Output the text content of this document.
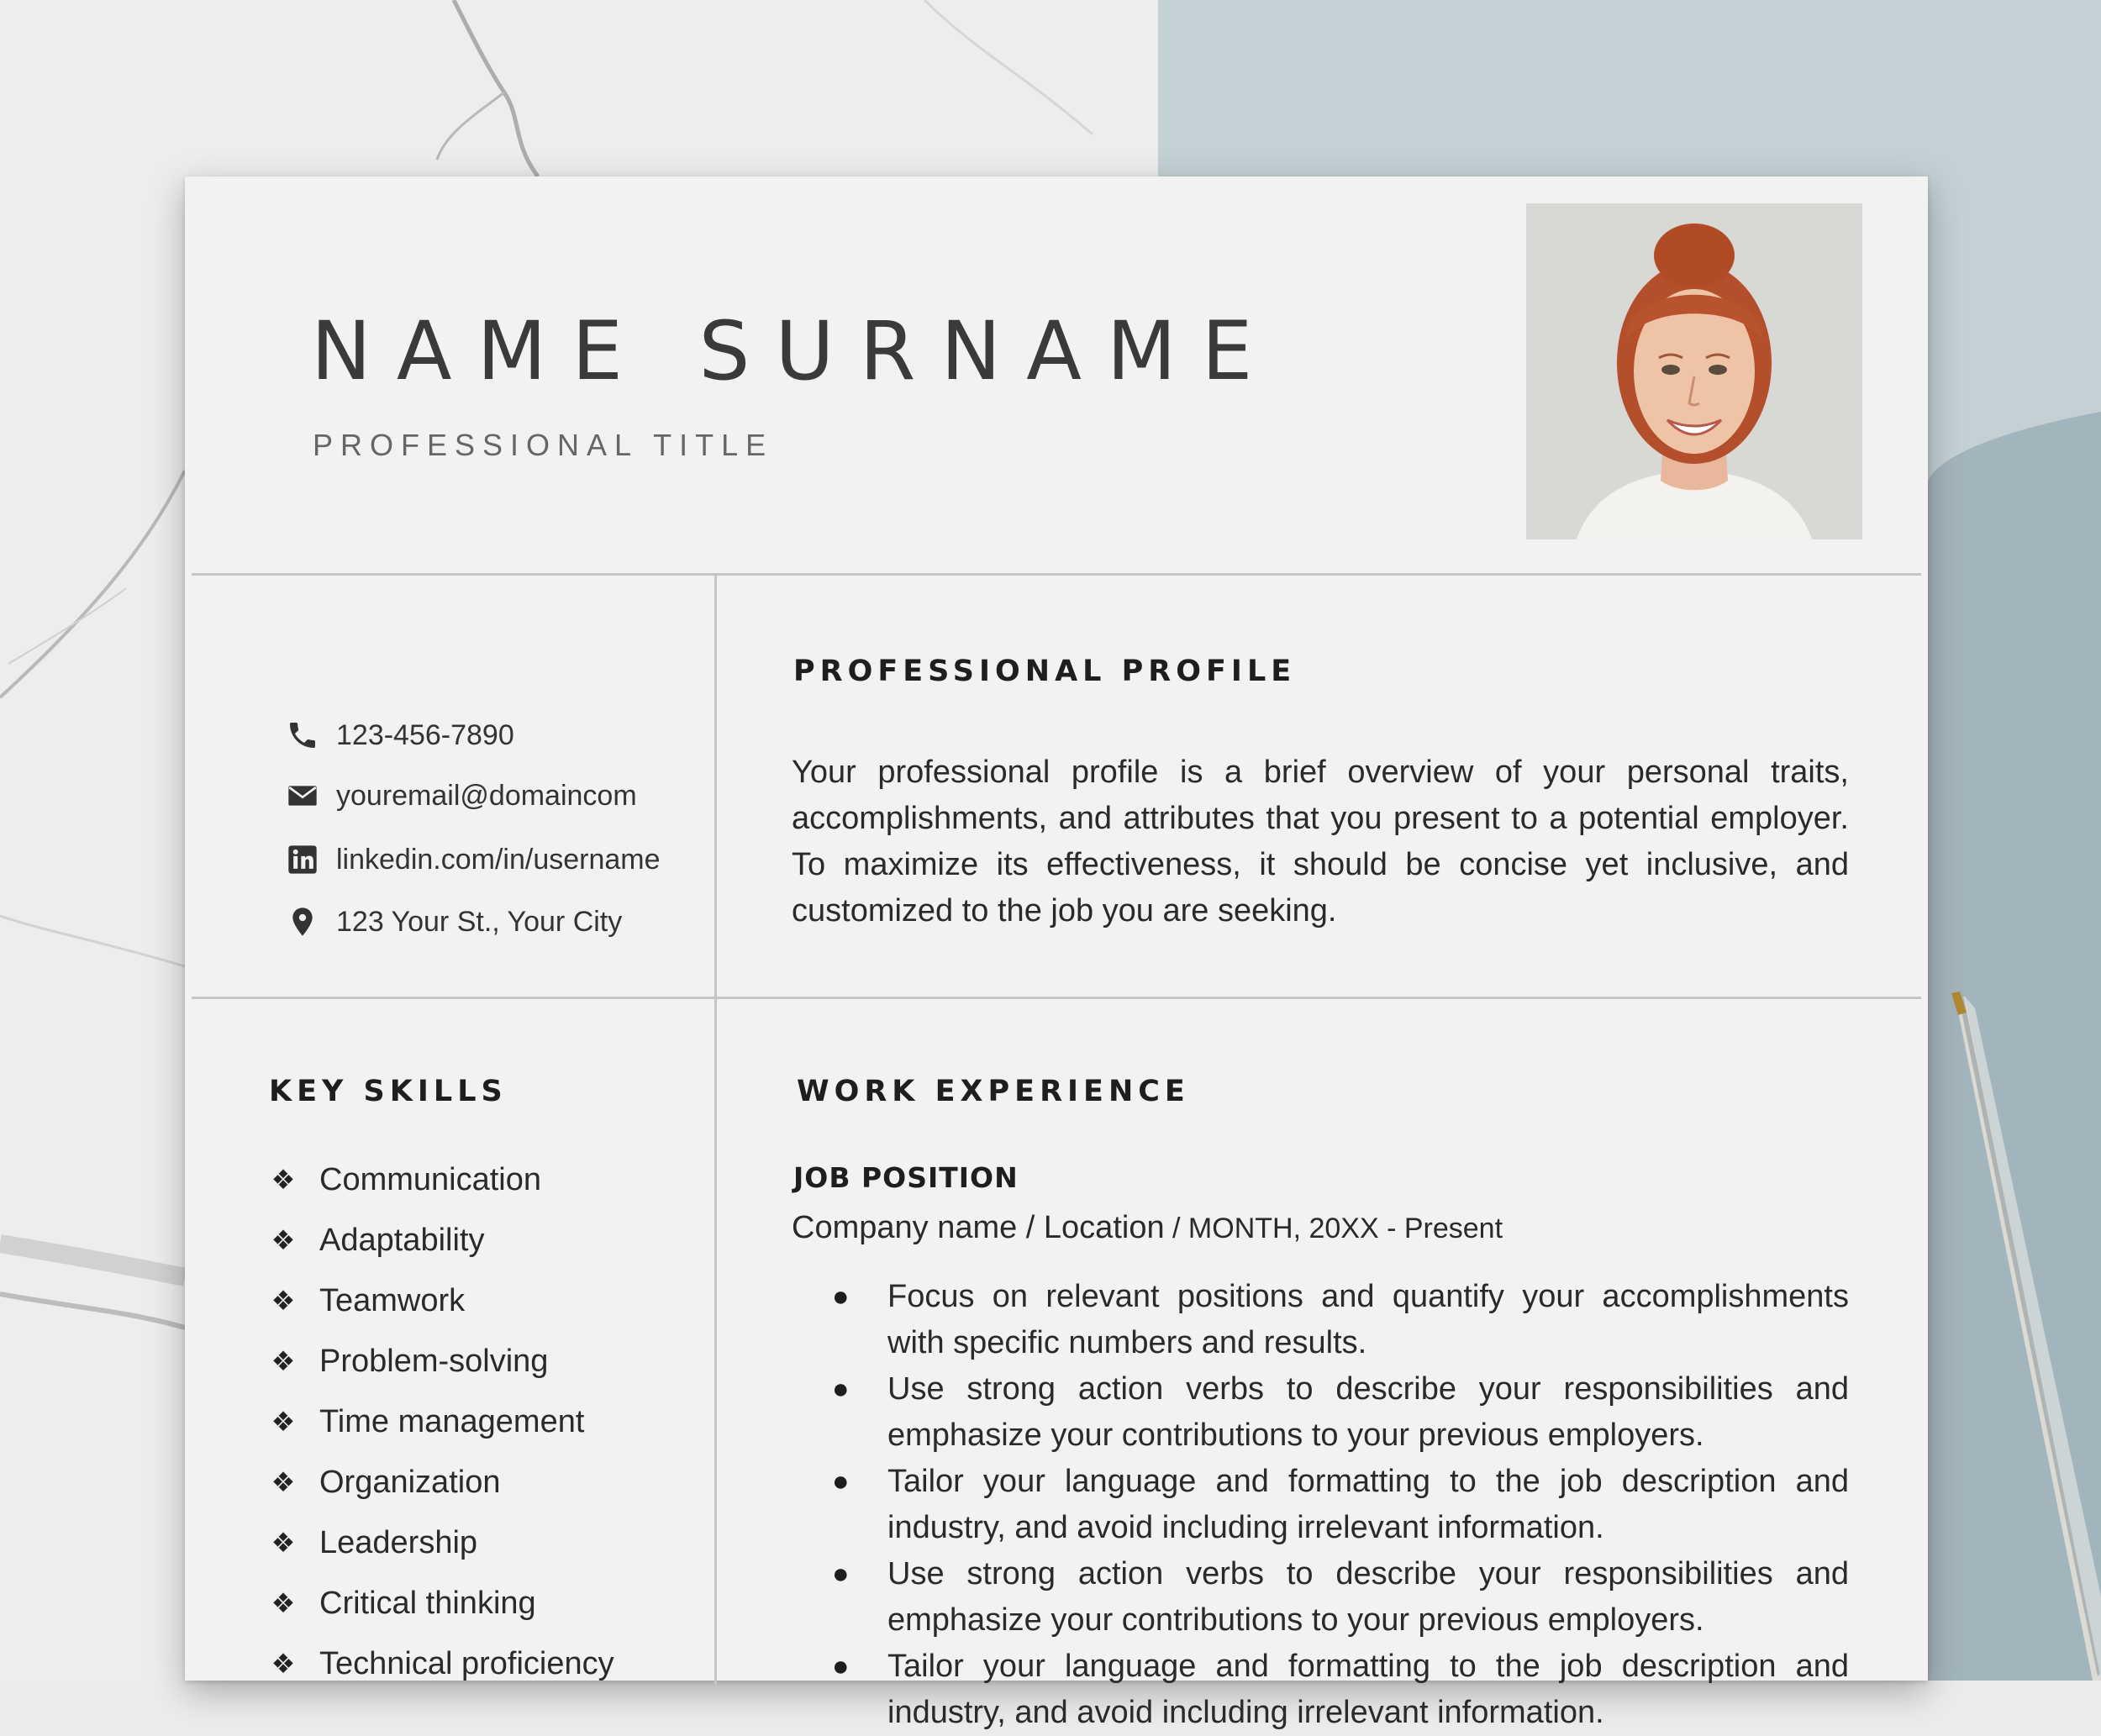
NAME SURNAME
PROFESSIONAL TITLE
123-456-7890
youremail@domaincom
linkedin.com/in/username
123 Your St., Your City
PROFESSIONAL PROFILE
Your professional profile is a brief overview of your personal traits, accomplishments, and attributes that you present to a potential employer. To maximize its effectiveness, it should be concise yet inclusive, and customized to the job you are seeking.
KEY SKILLS
❖ Communication
❖ Adaptability
❖ Teamwork
❖ Problem-solving
❖ Time management
❖ Organization
❖ Leadership
❖ Critical thinking
❖ Technical proficiency
WORK EXPERIENCE
JOB POSITION
Company name / Location / MONTH, 20XX - Present
●	Focus on relevant positions and quantify your accomplishments with specific numbers and results.
●	Use strong action verbs to describe your responsibilities and emphasize your contributions to your previous employers.
●	Tailor your language and formatting to the job description and industry, and avoid including irrelevant information.
●	Use strong action verbs to describe your responsibilities and emphasize your contributions to your previous employers.
●	Tailor your language and formatting to the job description and industry, and avoid including irrelevant information.
